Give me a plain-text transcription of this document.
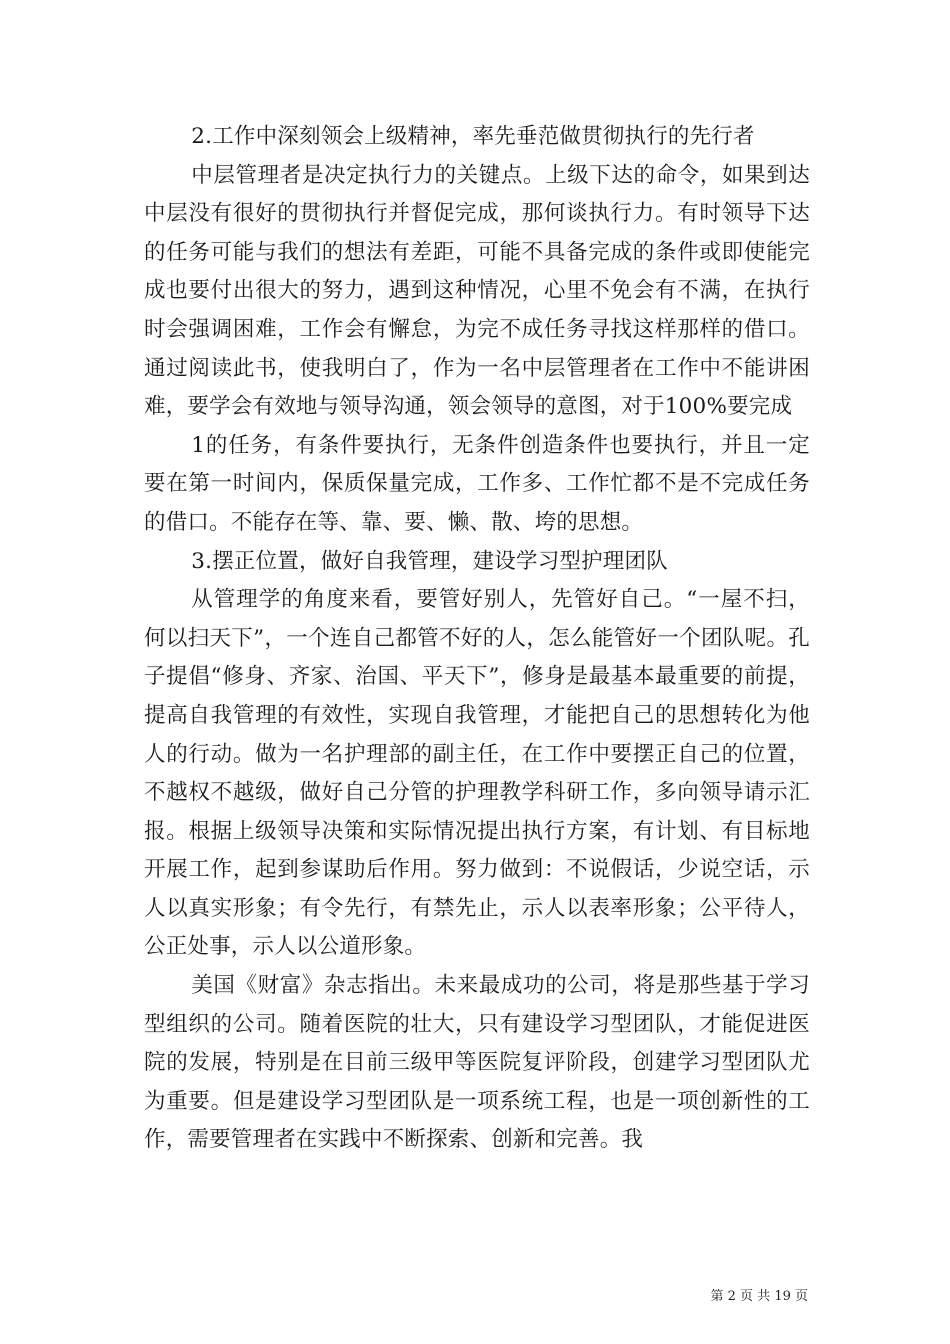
2.工作中深刻领会上级精神，率先垂范做贯彻执行的先行者

中层管理者是决定执行力的关键点。上级下达的命令，如果到达中层没有很好的贯彻执行并督促完成，那何谈执行力。有时领导下达的任务可能与我们的想法有差距，可能不具备完成的条件或即使能完成也要付出很大的努力，遇到这种情况，心里不免会有不满，在执行时会强调困难，工作会有懈怠，为完不成任务寻找这样那样的借口。通过阅读此书，使我明白了，作为一名中层管理者在工作中不能讲困难，要学会有效地与领导沟通，领会领导的意图，对于100%要完成

1的任务，有条件要执行，无条件创造条件也要执行，并且一定要在第一时间内，保质保量完成，工作多、工作忙都不是不完成任务的借口。不能存在等、靠、要、懒、散、垮的思想。

3.摆正位置，做好自我管理，建设学习型护理团队

从管理学的角度来看，要管好别人，先管好自己。“一屋不扫，何以扫天下”，一个连自己都管不好的人，怎么能管好一个团队呢。孔子提倡“修身、齐家、治国、平天下”，修身是最基本最重要的前提，提高自我管理的有效性，实现自我管理，才能把自己的思想转化为他人的行动。做为一名护理部的副主任，在工作中要摆正自己的位置，不越权不越级，做好自己分管的护理教学科研工作，多向领导请示汇报。根据上级领导决策和实际情况提出执行方案，有计划、有目标地开展工作，起到参谋助后作用。努力做到：不说假话，少说空话，示人以真实形象；有令先行，有禁先止，示人以表率形象；公平待人，公正处事，示人以公道形象。

美国《财富》杂志指出。未来最成功的公司，将是那些基于学习型组织的公司。随着医院的壮大，只有建设学习型团队，才能促进医院的发展，特别是在目前三级甲等医院复评阶段，创建学习型团队尤为重要。但是建设学习型团队是一项系统工程，也是一项创新性的工作，需要管理者在实践中不断探索、创新和完善。我

第 2 页 共 19 页
